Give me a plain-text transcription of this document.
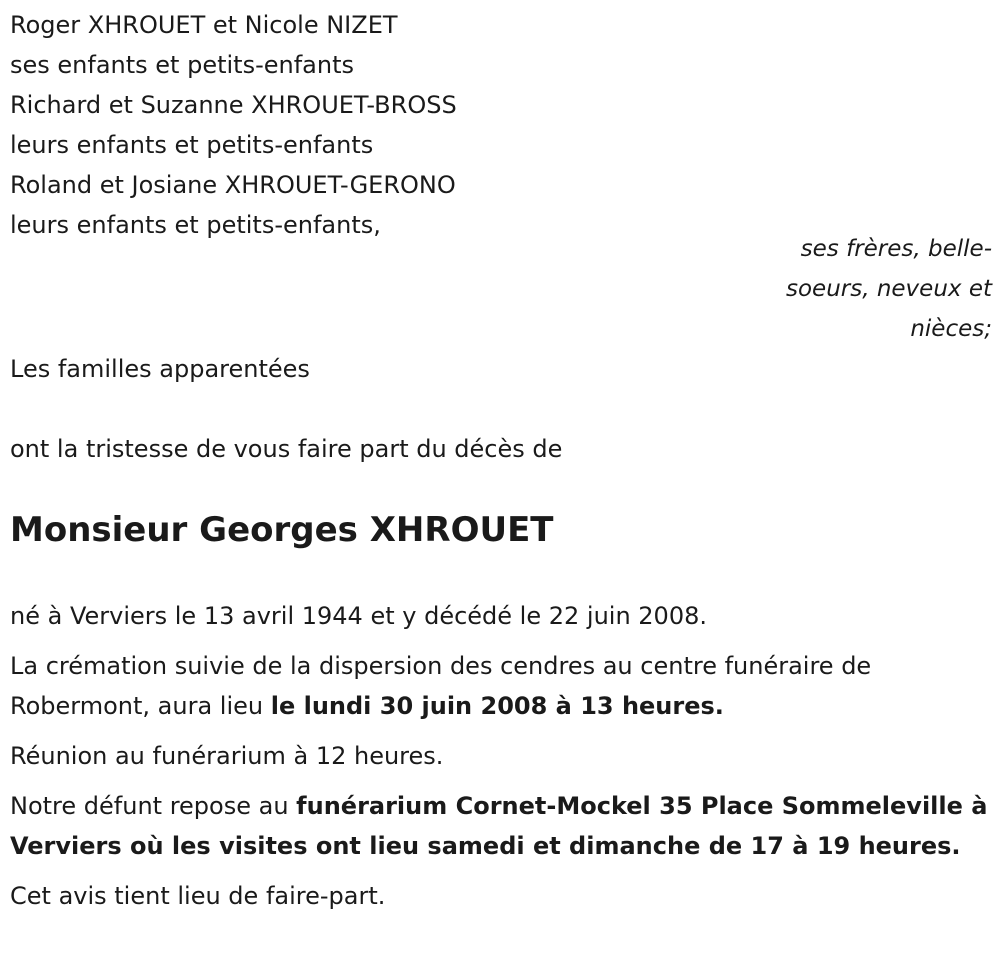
Roger XHROUET et Nicole NIZET

ses enfants et petits-enfants

Richard et Suzanne XHROUET-BROSS

leurs enfants et petits-enfants

Roland et Josiane XHROUET-GERONO

leurs enfants et petits-enfants,

ses frères, belle-
soeurs, neveux et
nièces;

Les familles apparentées

ont la tristesse de vous faire part du décès de

Monsieur Georges XHROUET

né à Verviers le 13 avril 1944 et y décédé le 22 juin 2008.

La crémation suivie de la dispersion des cendres au centre funéraire de Robermont, aura lieu le lundi 30 juin 2008 à 13 heures.

Réunion au funérarium à 12 heures.

Notre défunt repose au funérarium Cornet-Mockel 35 Place Sommeleville à Verviers où les visites ont lieu samedi et dimanche de 17 à 19 heures.

Cet avis tient lieu de faire-part.
